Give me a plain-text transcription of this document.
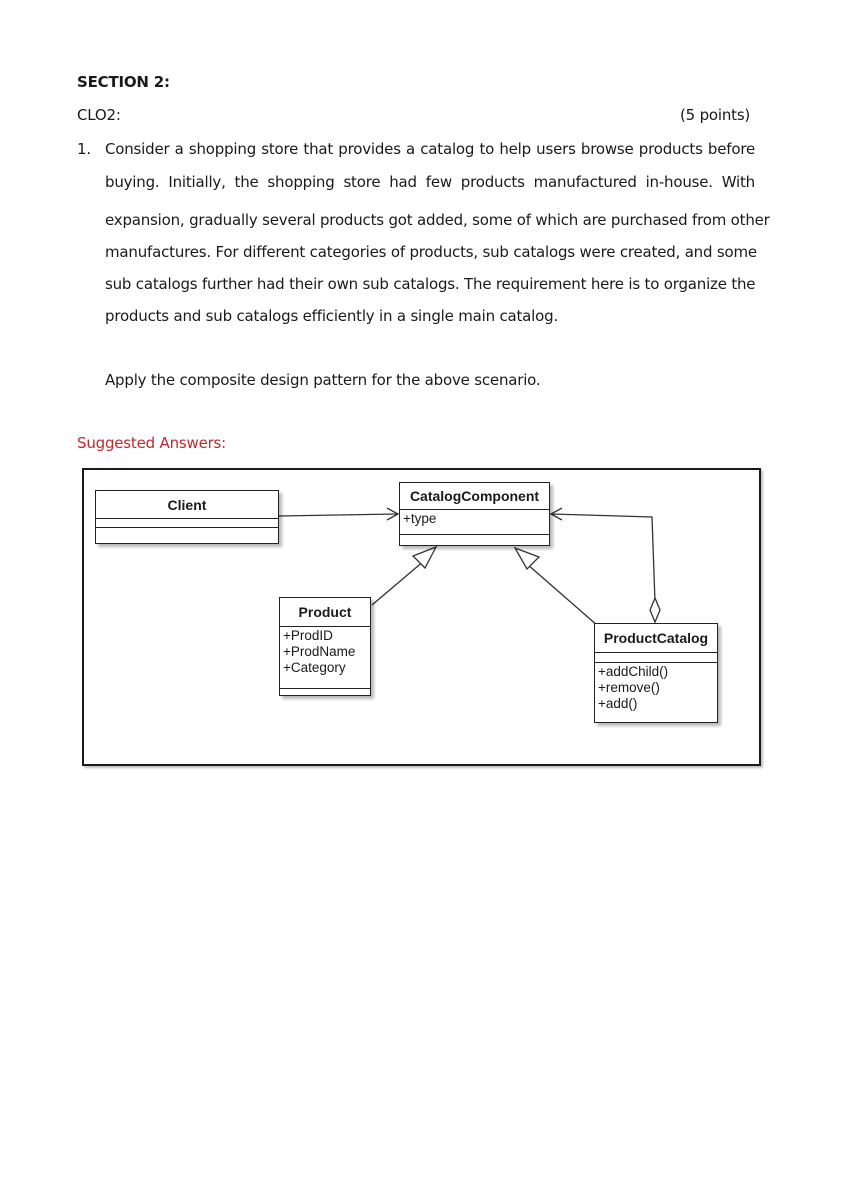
SECTION 2:
CLO2:	(5 points)
1. Consider a shopping store that provides a catalog to help users browse products before
buying. Initially, the shopping store had few products manufactured in-house. With
expansion, gradually several products got added, some of which are purchased from other
manufactures. For different categories of products, sub catalogs were created, and some
sub catalogs further had their own sub catalogs. The requirement here is to organize the
products and sub catalogs efficiently in a single main catalog.
Apply the composite design pattern for the above scenario.
Suggested Answers:
Client
CatalogComponent
+type
Product
+ProdID
+ProdName
+Category
ProductCatalog
+addChild()
+remove()
+add()
